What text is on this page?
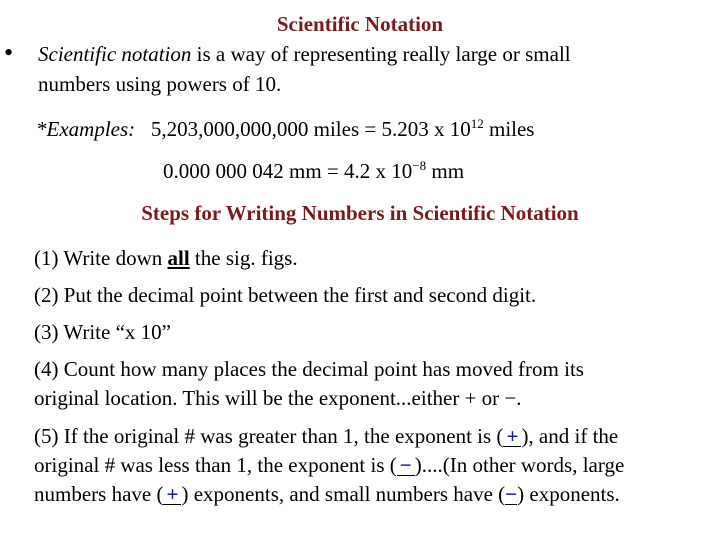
Scientific Notation
• Scientific notation is a way of representing really large or small
numbers using powers of 10.
*Examples: 5,203,000,000,000 miles = 5.203 x $10^{12}$ miles
0.000 000 042 mm = 4.2 x $10^{-8}$ mm
Steps for Writing Numbers in Scientific Notation
(1) Write down all the sig. figs.
(2) Put the decimal point between the first and second digit.
(3) Write “x 10”
(4) Count how many places the decimal point has moved from its
original location. This will be the exponent...either + or −.
(5) If the original # was greater than 1, the exponent is ( + ), and if the
original # was less than 1, the exponent is ( − )....(In other words, large
numbers have ( + ) exponents, and small numbers have (−) exponents.
